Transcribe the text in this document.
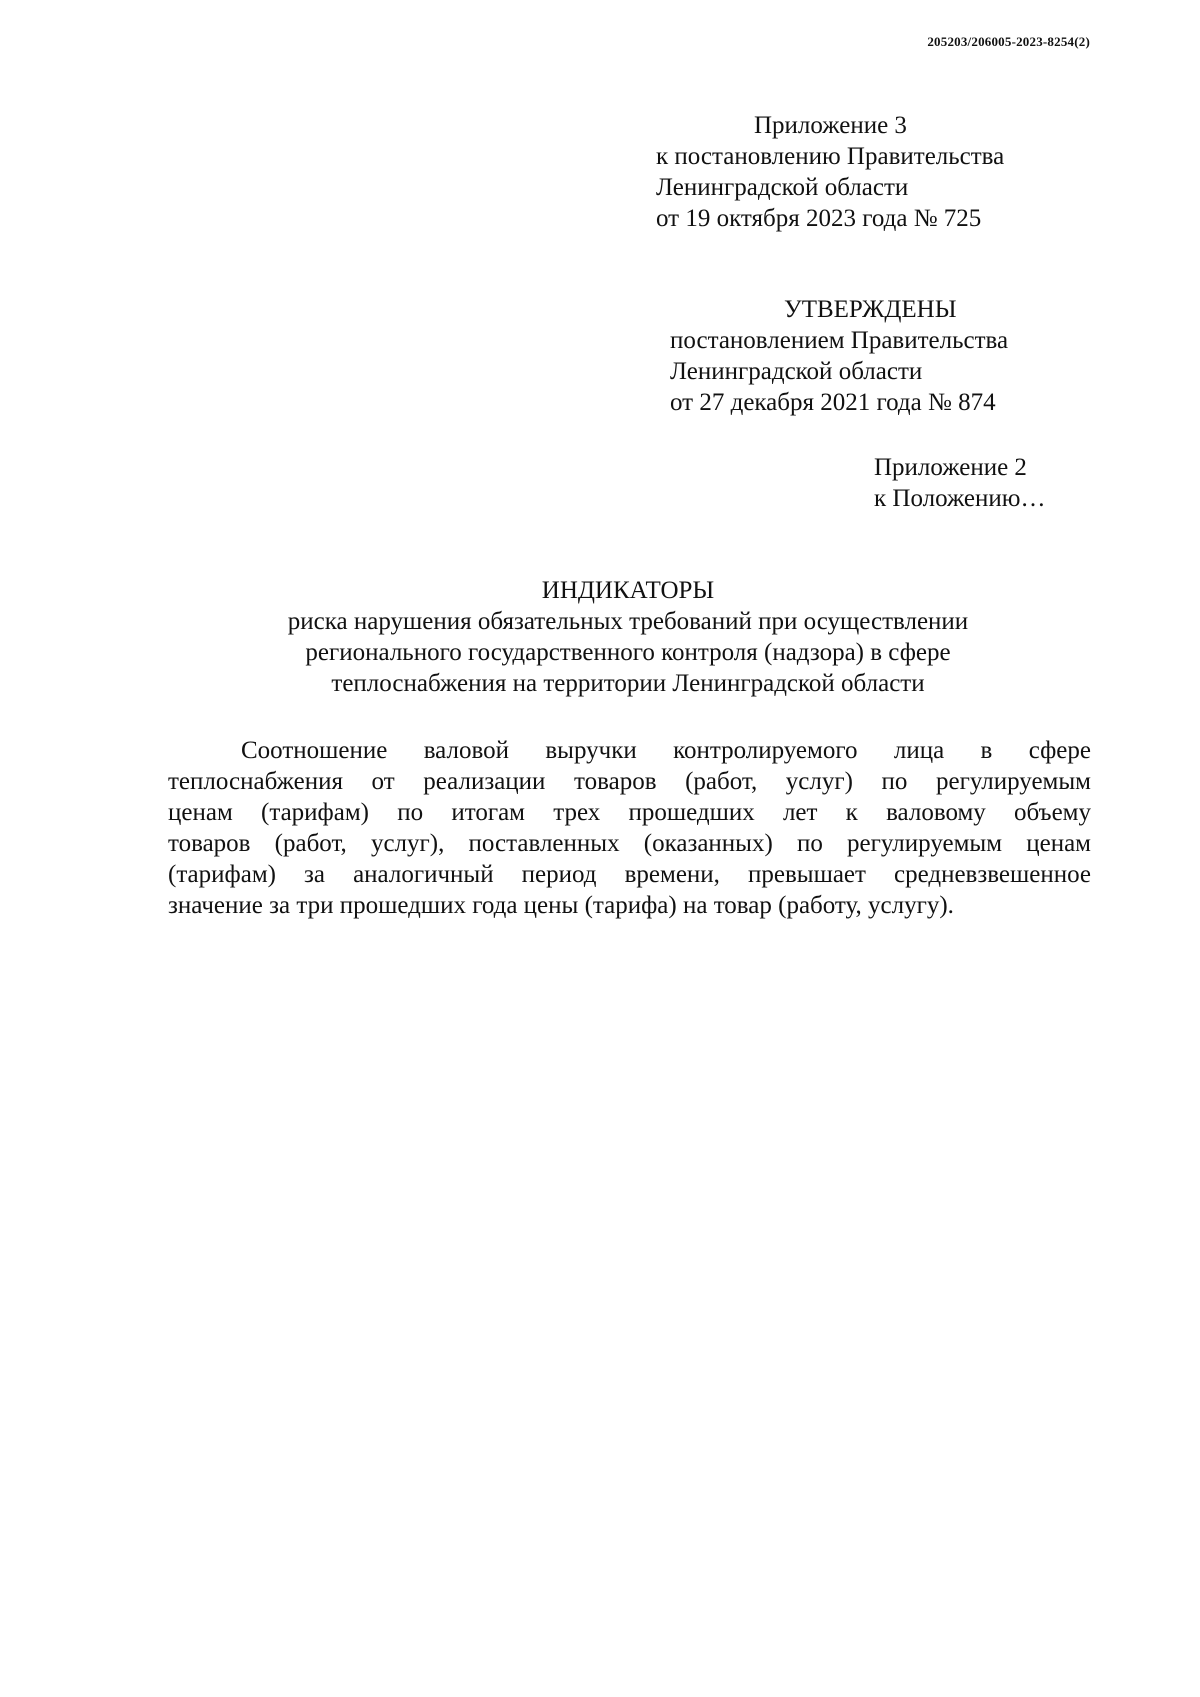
205203/206005-2023-8254(2)
Приложение 3
к постановлению Правительства
Ленинградской области
от 19 октября 2023 года № 725
УТВЕРЖДЕНЫ
постановлением Правительства
Ленинградской области
от 27 декабря 2021 года № 874
Приложение 2
к Положению…
ИНДИКАТОРЫ
риска нарушения обязательных требований при осуществлении
регионального государственного контроля (надзора) в сфере
теплоснабжения на территории Ленинградской области
Соотношение валовой выручки контролируемого лица в сфере
теплоснабжения от реализации товаров (работ, услуг) по регулируемым
ценам (тарифам) по итогам трех прошедших лет к валовому объему
товаров (работ, услуг), поставленных (оказанных) по регулируемым ценам
(тарифам) за аналогичный период времени, превышает средневзвешенное
значение за три прошедших года цены (тарифа) на товар (работу, услугу).
